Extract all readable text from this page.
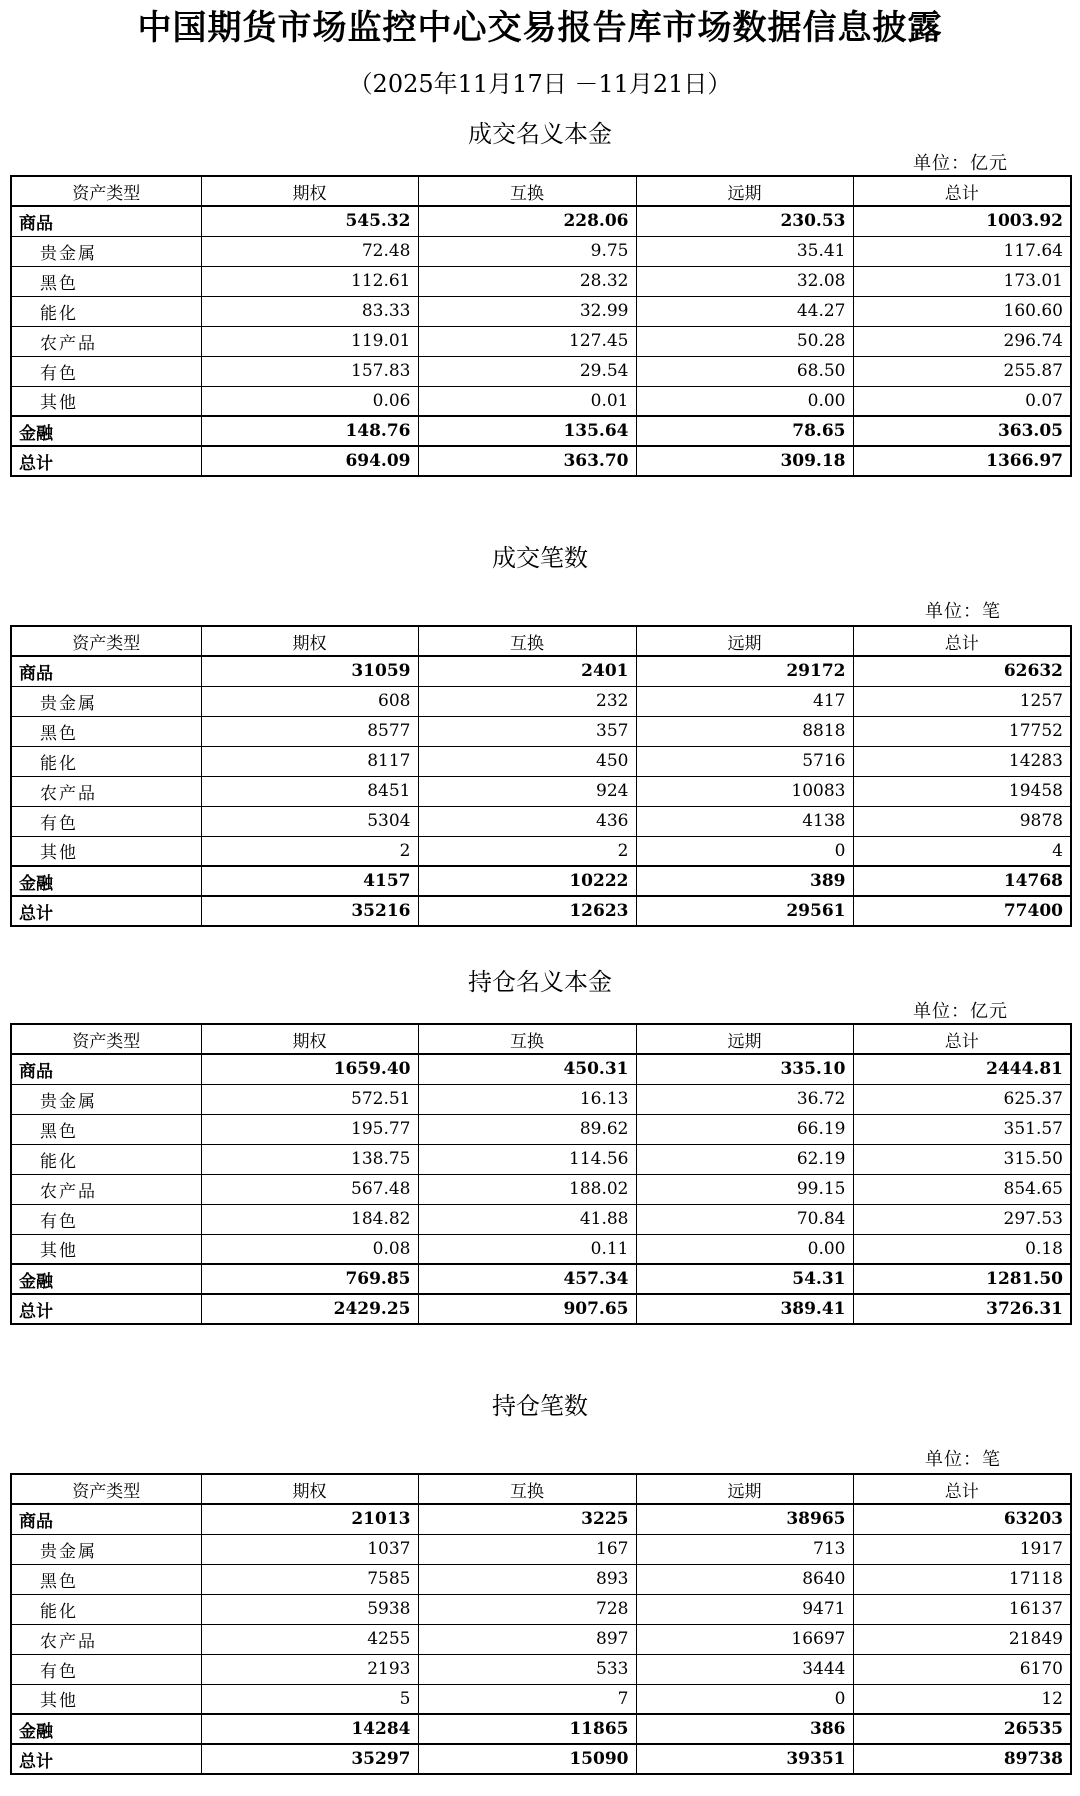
中国期货市场监控中心交易报告库市场数据信息披露
（2025年11月17日 －11月21日）
成交名义本金
单位：亿元
资产类型	期权	互换	远期	总计
商品	545.32	228.06	230.53	1003.92
贵金属	72.48	9.75	35.41	117.64
黑色	112.61	28.32	32.08	173.01
能化	83.33	32.99	44.27	160.60
农产品	119.01	127.45	50.28	296.74
有色	157.83	29.54	68.50	255.87
其他	0.06	0.01	0.00	0.07
金融	148.76	135.64	78.65	363.05
总计	694.09	363.70	309.18	1366.97
成交笔数
单位：笔
资产类型	期权	互换	远期	总计
商品	31059	2401	29172	62632
贵金属	608	232	417	1257
黑色	8577	357	8818	17752
能化	8117	450	5716	14283
农产品	8451	924	10083	19458
有色	5304	436	4138	9878
其他	2	2	0	4
金融	4157	10222	389	14768
总计	35216	12623	29561	77400
持仓名义本金
单位：亿元
资产类型	期权	互换	远期	总计
商品	1659.40	450.31	335.10	2444.81
贵金属	572.51	16.13	36.72	625.37
黑色	195.77	89.62	66.19	351.57
能化	138.75	114.56	62.19	315.50
农产品	567.48	188.02	99.15	854.65
有色	184.82	41.88	70.84	297.53
其他	0.08	0.11	0.00	0.18
金融	769.85	457.34	54.31	1281.50
总计	2429.25	907.65	389.41	3726.31
持仓笔数
单位：笔
资产类型	期权	互换	远期	总计
商品	21013	3225	38965	63203
贵金属	1037	167	713	1917
黑色	7585	893	8640	17118
能化	5938	728	9471	16137
农产品	4255	897	16697	21849
有色	2193	533	3444	6170
其他	5	7	0	12
金融	14284	11865	386	26535
总计	35297	15090	39351	89738
